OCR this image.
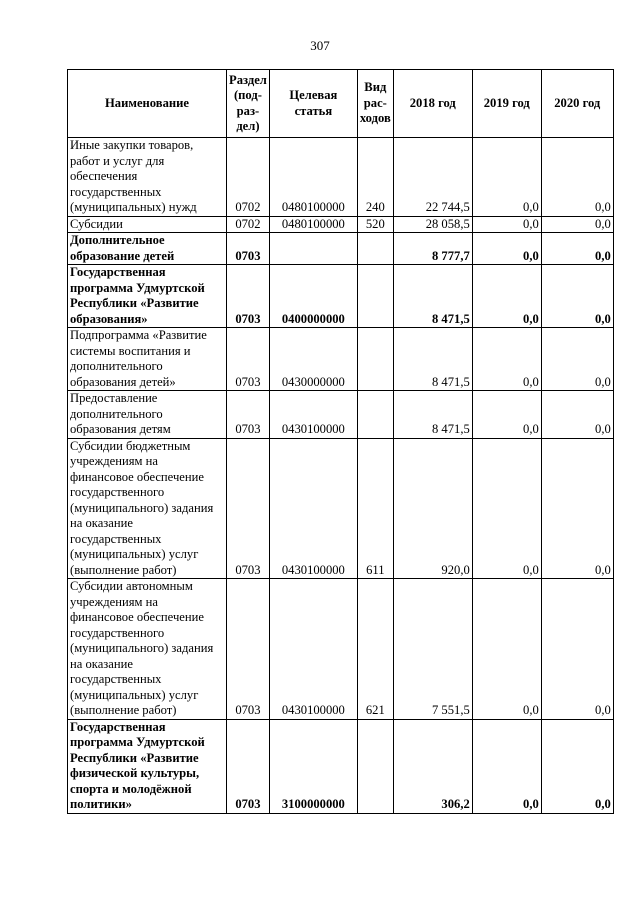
307
Наименование	Раздел (под-раз-дел)	Целевая статья	Вид рас-ходов	2018 год	2019 год	2020 год
Иные закупки товаров, работ и услуг для обеспечения государственных (муниципальных) нужд	0702	0480100000	240	22 744,5	0,0	0,0
Субсидии	0702	0480100000	520	28 058,5	0,0	0,0
Дополнительное образование детей	0703			8 777,7	0,0	0,0
Государственная программа Удмуртской Республики «Развитие образования»	0703	0400000000		8 471,5	0,0	0,0
Подпрограмма «Развитие системы воспитания и дополнительного образования детей»	0703	0430000000		8 471,5	0,0	0,0
Предоставление дополнительного образования детям	0703	0430100000		8 471,5	0,0	0,0
Субсидии бюджетным учреждениям на финансовое обеспечение государственного (муниципального) задания на оказание государственных (муниципальных) услуг (выполнение работ)	0703	0430100000	611	920,0	0,0	0,0
Субсидии автономным учреждениям на финансовое обеспечение государственного (муниципального) задания на оказание государственных (муниципальных) услуг (выполнение работ)	0703	0430100000	621	7 551,5	0,0	0,0
Государственная программа Удмуртской Республики «Развитие физической культуры, спорта и молодёжной политики»	0703	3100000000		306,2	0,0	0,0
